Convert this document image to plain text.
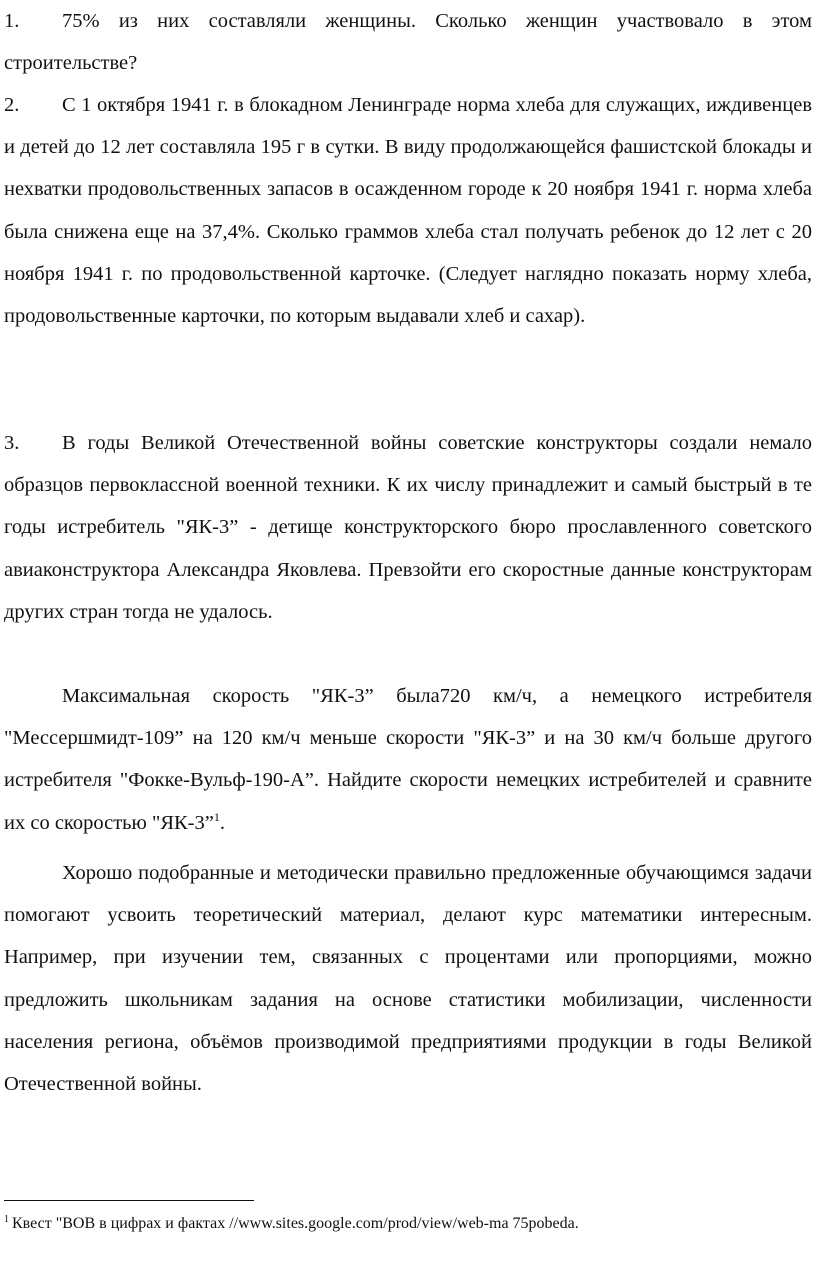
1. 75% из них составляли женщины. Сколько женщин участвовало в этом строительстве?

2. С 1 октября 1941 г. в блокадном Ленинграде норма хлеба для служащих, иждивенцев и детей до 12 лет составляла 195 г в сутки. В виду продолжающейся фашистской блокады и нехватки продовольственных запасов в осажденном городе к 20 ноября 1941 г. норма хлеба была снижена еще на 37,4%. Сколько граммов хлеба стал получать ребенок до 12 лет с 20 ноября 1941 г. по продовольственной карточке. (Следует наглядно показать норму хлеба, продовольственные карточки, по которым выдавали хлеб и сахар).

3. В годы Великой Отечественной войны советские конструкторы создали немало образцов первоклассной военной техники. К их числу принадлежит и самый быстрый в те годы истребитель "ЯК-3” - детище конструкторского бюро прославленного советского авиаконструктора Александра Яковлева. Превзойти его скоростные данные конструкторам других стран тогда не удалось.

Максимальная скорость "ЯК-3” была720 км/ч, а немецкого истребителя "Мессершмидт-109” на 120 км/ч меньше скорости "ЯК-3” и на 30 км/ч больше другого истребителя "Фокке-Вульф-190-А”. Найдите скорости немецких истребителей и сравните их со скоростью "ЯК-3”$^1$.

Хорошо подобранные и методически правильно предложенные обучающимся задачи помогают усвоить теоретический материал, делают курс математики интересным. Например, при изучении тем, связанных с процентами или пропорциями, можно предложить школьникам задания на основе статистики мобилизации, численности населения региона, объёмов производимой предприятиями продукции в годы Великой Отечественной войны.

$^1$ Квест "ВОВ в цифрах и фактах //www.sites.google.com/prod/view/web-ma 75pobeda.
